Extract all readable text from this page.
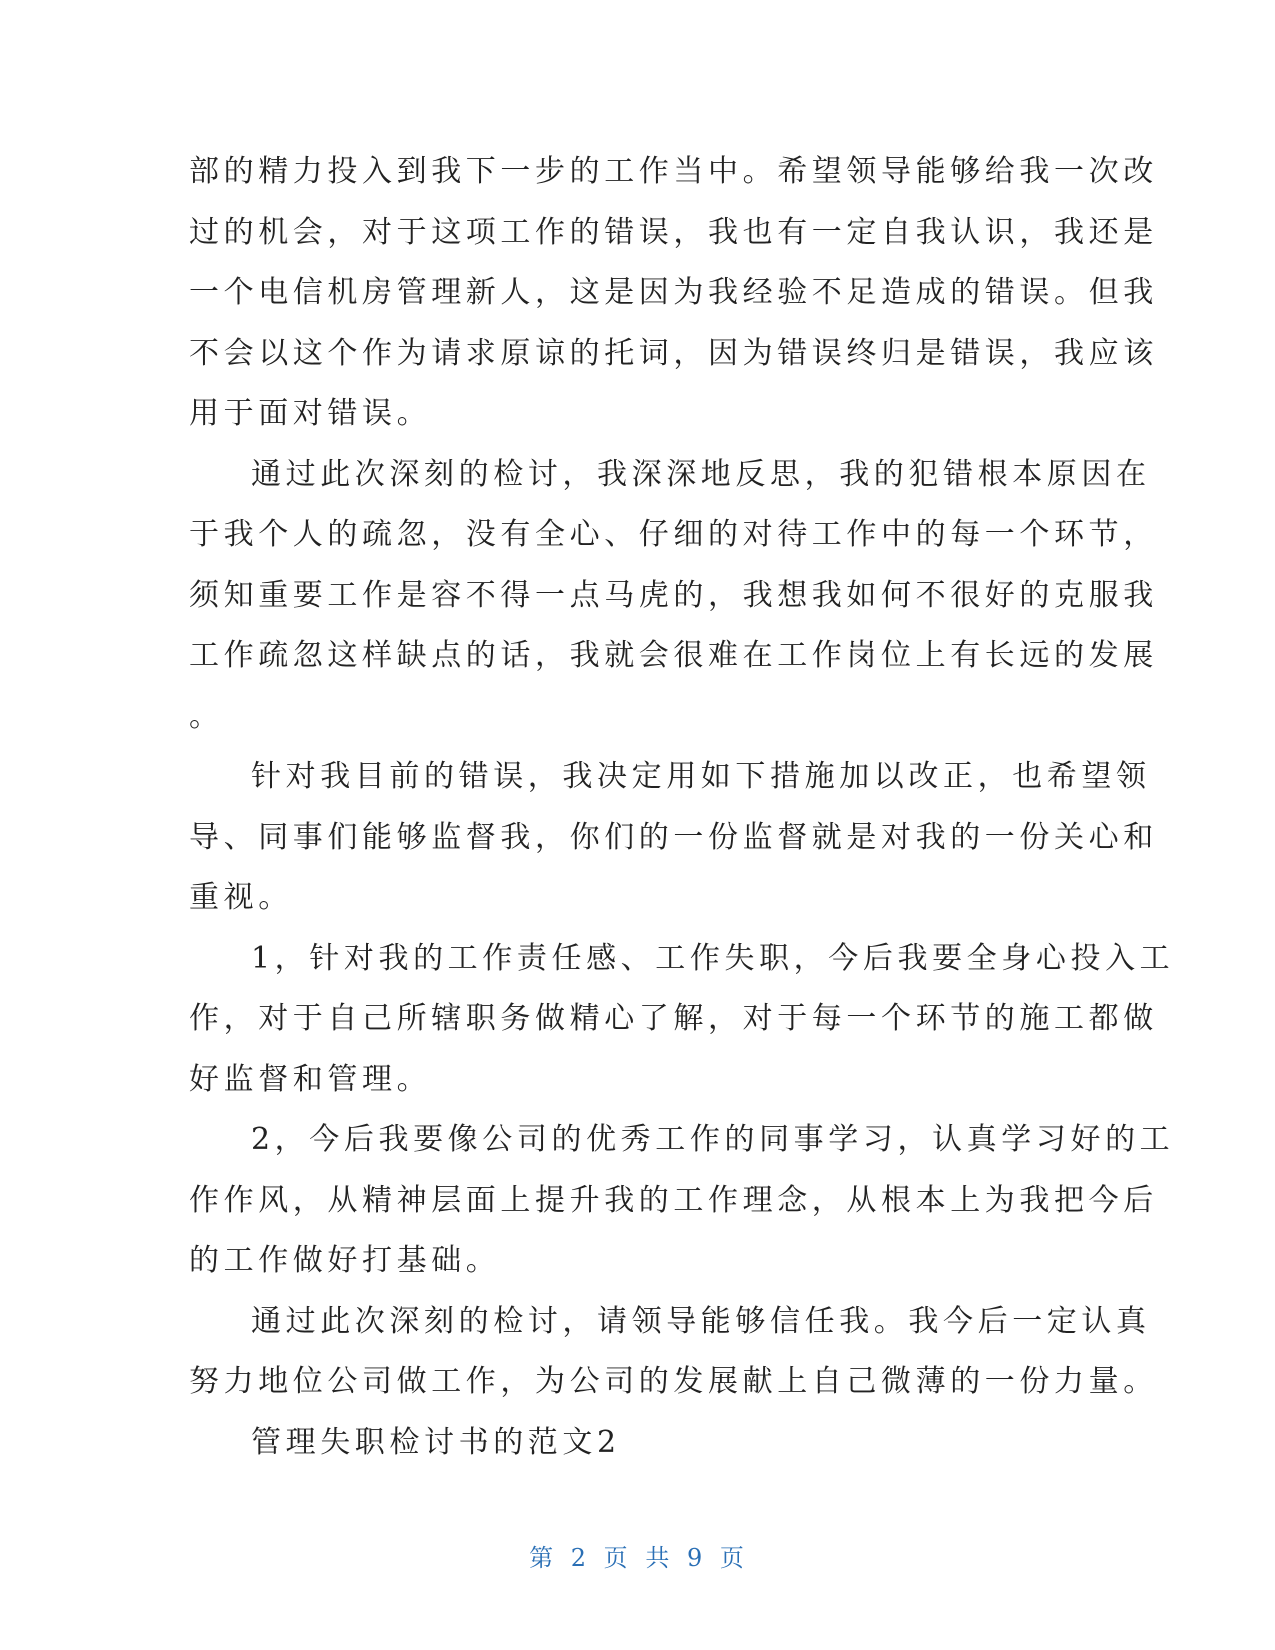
部的精力投入到我下一步的工作当中。希望领导能够给我一次改
过的机会，对于这项工作的错误，我也有一定自我认识，我还是
一个电信机房管理新人，这是因为我经验不足造成的错误。但我
不会以这个作为请求原谅的托词，因为错误终归是错误，我应该
用于面对错误。
通过此次深刻的检讨，我深深地反思，我的犯错根本原因在
于我个人的疏忽，没有全心、仔细的对待工作中的每一个环节，
须知重要工作是容不得一点马虎的，我想我如何不很好的克服我
工作疏忽这样缺点的话，我就会很难在工作岗位上有长远的发展
。
针对我目前的错误，我决定用如下措施加以改正，也希望领
导、同事们能够监督我，你们的一份监督就是对我的一份关心和
重视。
1，针对我的工作责任感、工作失职，今后我要全身心投入工
作，对于自己所辖职务做精心了解，对于每一个环节的施工都做
好监督和管理。
2，今后我要像公司的优秀工作的同事学习，认真学习好的工
作作风，从精神层面上提升我的工作理念，从根本上为我把今后
的工作做好打基础。
通过此次深刻的检讨，请领导能够信任我。我今后一定认真
努力地位公司做工作，为公司的发展献上自己微薄的一份力量。
管理失职检讨书的范文2
第 2 页 共 9 页
